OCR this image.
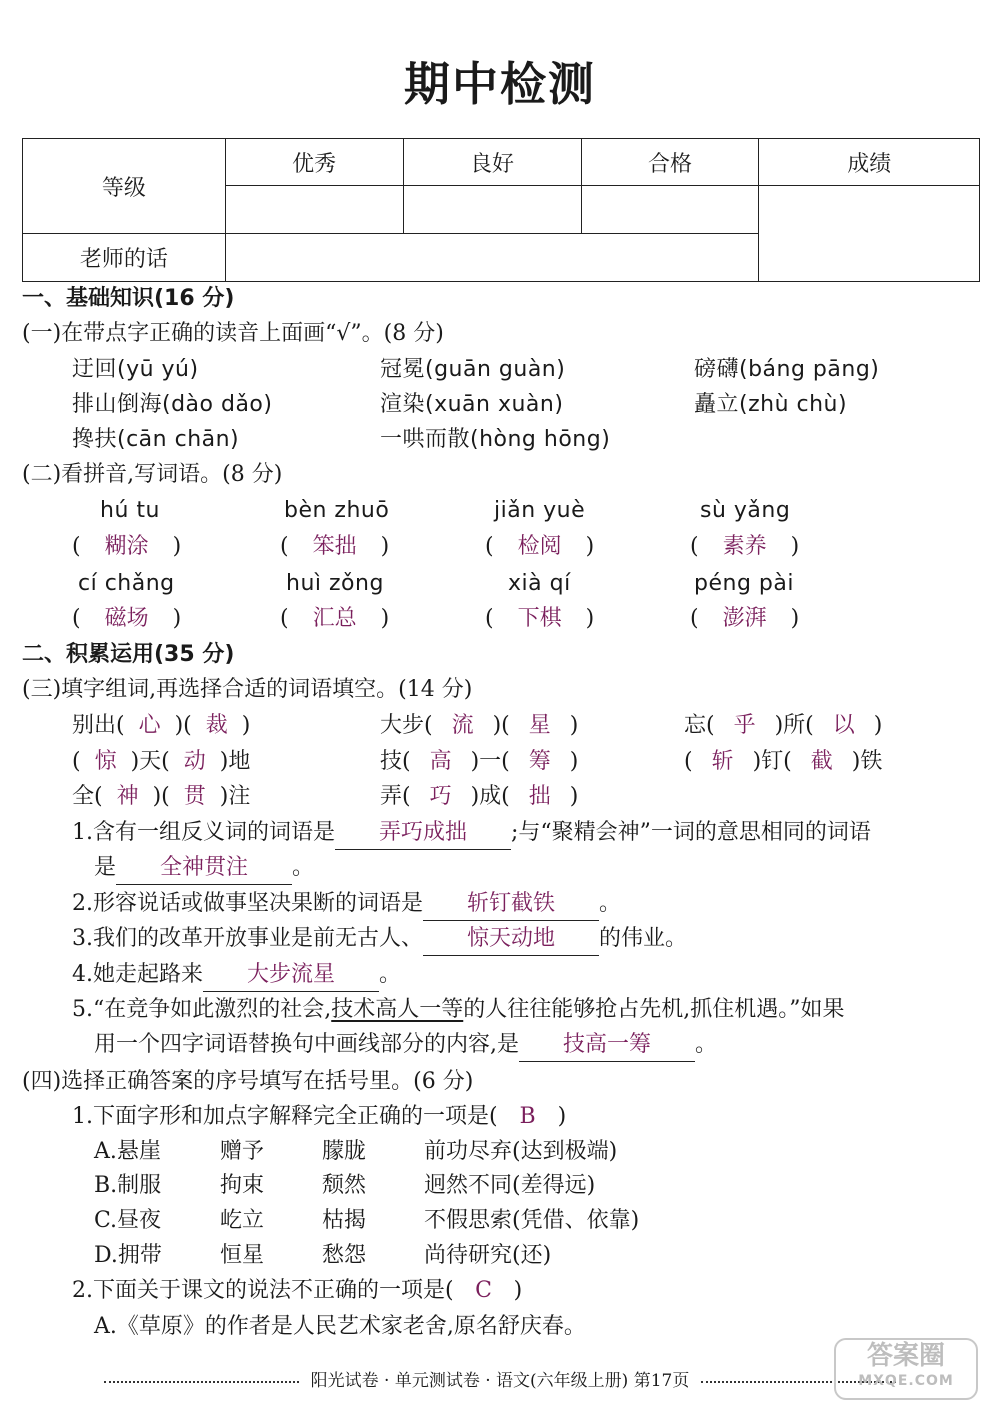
期中检测
等级	优秀	良好	合格	成绩

老师的话				
一、基础知识(16 分)
(一)在带点字正确的读音上面画“√”。(8 分)
迂回(yū yú)	冠冕(guān guàn)	磅礴(báng pāng)
排山倒海(dào dǎo)	渲染(xuān xuàn)	矗立(zhù chù)
搀扶(cān chān)	一哄而散(hòng hōng)
(二)看拼音,写词语。(8 分)
hú tu	bèn zhuō	jiǎn yuè	sù yǎng
( 糊涂 )	( 笨拙 )	( 检阅 )	( 素养 )
cí chǎng	huì zǒng	xià qí	péng pài
( 磁场 )	( 汇总 )	( 下棋 )	( 澎湃 )
二、积累运用(35 分)
(三)填字组词,再选择合适的词语填空。(14 分)
别出( 心 )( 裁 )	大步( 流 )( 星 )	忘( 乎 )所( 以 )
( 惊 )天( 动 )地	技( 高 )一( 筹 )	( 斩 )钉( 截 )铁
全( 神 )( 贯 )注	弄( 巧 )成( 拙 )
1.含有一组反义词的词语是 弄巧成拙 ;与“聚精会神”一词的意思相同的词语
是 全神贯注 。
2.形容说话或做事坚决果断的词语是 斩钉截铁 。
3.我们的改革开放事业是前无古人、 惊天动地 的伟业。
4.她走起路来 大步流星 。
5.“在竞争如此激烈的社会,技术高人一等的人往往能够抢占先机,抓住机遇。”如果
用一个四字词语替换句中画线部分的内容,是 技高一筹 。
(四)选择正确答案的序号填写在括号里。(6 分)
1.下面字形和加点字解释完全正确的一项是( B )
A.悬崖	赠予	朦胧	前功尽弃(达到极端)
B.制服	拘束	颓然	迥然不同(差得远)
C.昼夜	屹立	枯揭	不假思索(凭借、依靠)
D.拥带	恒星	愁怨	尚待研究(还)
2.下面关于课文的说法不正确的一项是( C )
A.《草原》的作者是人民艺术家老舍,原名舒庆春。
阳光试卷 · 单元测试卷 · 语文(六年级上册) 第17页
答案圈
MXQE.COM
